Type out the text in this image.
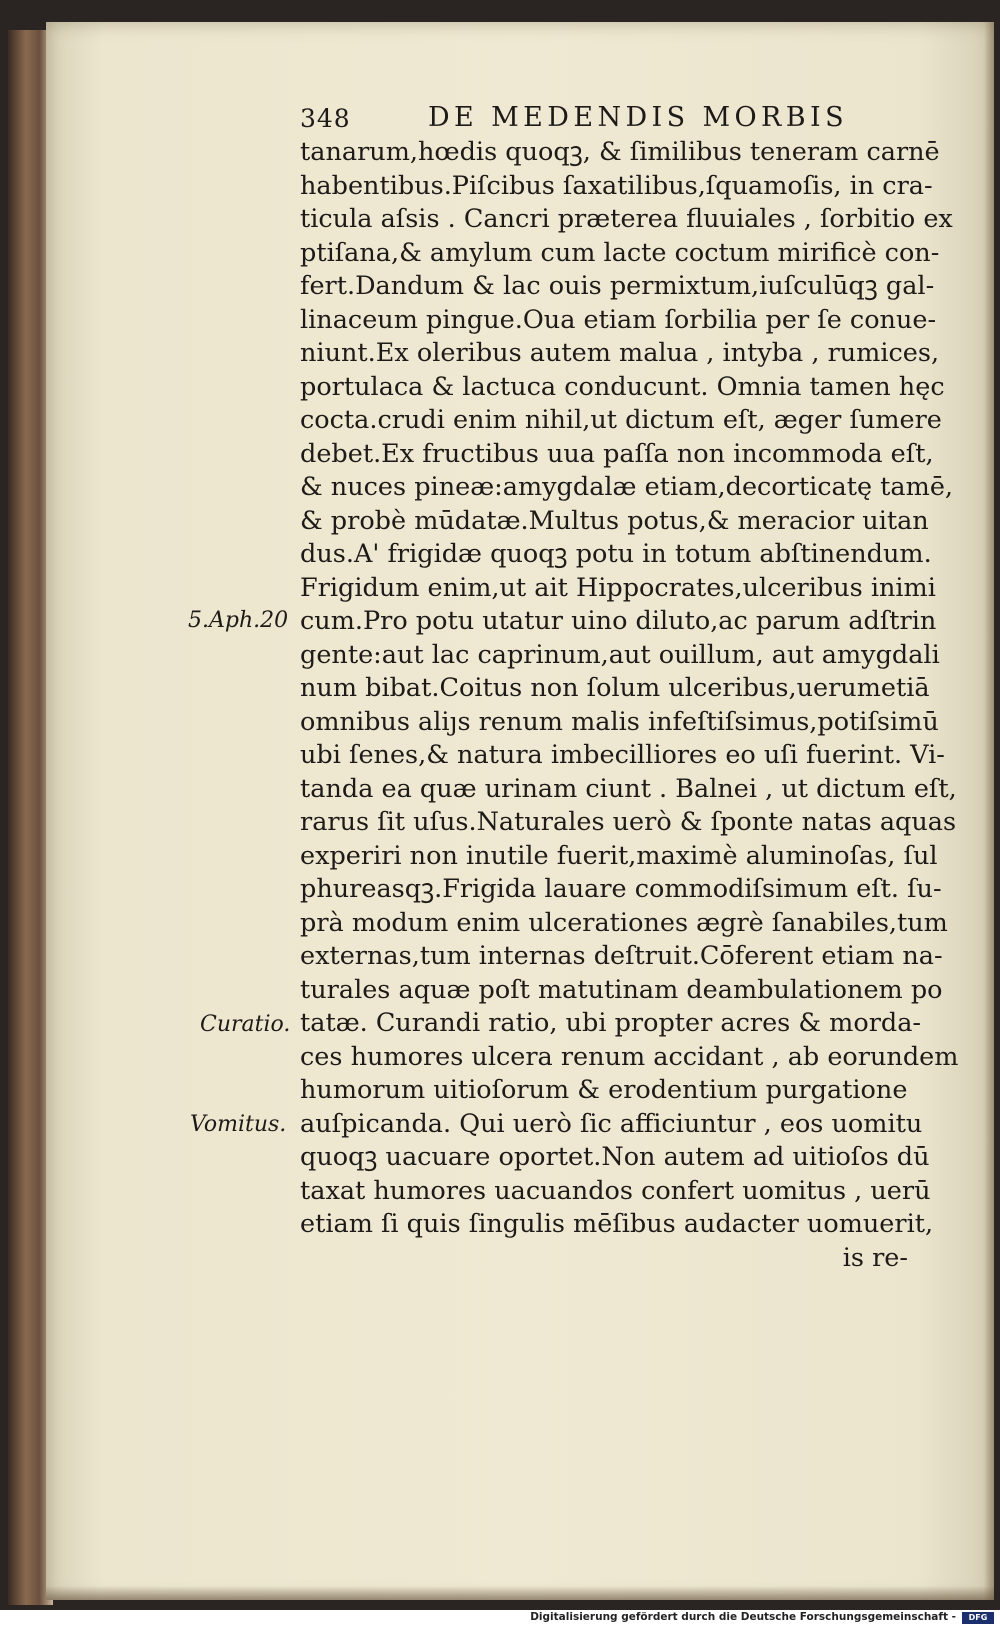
348	DE MEDENDIS MORBIS
tanarum,hœdis quoqꝫ, & ſimilibus teneram carnē
habentibus.Piſcibus ſaxatilibus,ſquamoſis, in cra-
ticula aſsis . Cancri præterea fluuiales , ſorbitio ex
ptiſana,& amylum cum lacte coctum mirificè con-
fert.Dandum & lac ouis permixtum,iuſculūqꝫ gal-
linaceum pingue.Oua etiam ſorbilia per ſe conue-
niunt.Ex oleribus autem malua , intyba , rumices,
portulaca & lactuca conducunt. Omnia tamen hęc
cocta.crudi enim nihil,ut dictum eſt, æger ſumere
debet.Ex fructibus uua paſſa non incommoda eſt,
& nuces pineæ:amygdalæ etiam,decorticatę tamē,
& probè mūdatæ.Multus potus,& meracior uitan
dus.A' frigidæ quoqꝫ potu in totum abſtinendum.
Frigidum enim,ut ait Hippocrates,ulceribus inimi
cum.Pro potu utatur uino diluto,ac parum adſtrin
gente:aut lac caprinum,aut ouillum, aut amygdali
num bibat.Coitus non ſolum ulceribus,uerumetiā
omnibus aliȷs renum malis infeſtiſsimus,potiſsimū
ubi ſenes,& natura imbecilliores eo uſi fuerint. Vi-
tanda ea quæ urinam ciunt . Balnei , ut dictum eſt,
rarus ſit uſus.Naturales uerò & ſponte natas aquas
experiri non inutile fuerit,maximè aluminoſas, ſul
phureasqꝫ.Frigida lauare commodiſsimum eſt. ſu-
prà modum enim ulcerationes ægrè ſanabiles,tum
externas,tum internas deſtruit.Cōferent etiam na-
turales aquæ poſt matutinam deambulationem po
tatæ. Curandi ratio, ubi propter acres & morda-
ces humores ulcera renum accidant , ab eorundem
humorum uitioſorum & erodentium purgatione
auſpicanda. Qui uerò ſic afficiuntur , eos uomitu
quoqꝫ uacuare oportet.Non autem ad uitioſos dū
taxat humores uacuandos confert uomitus , uerū
etiam ſi quis ſingulis mēſibus audacter uomuerit,
is re-
5.Aph.20
Curatio.
Vomitus.
Digitalisierung gefördert durch die Deutsche Forschungsgemeinschaft -	DFG
